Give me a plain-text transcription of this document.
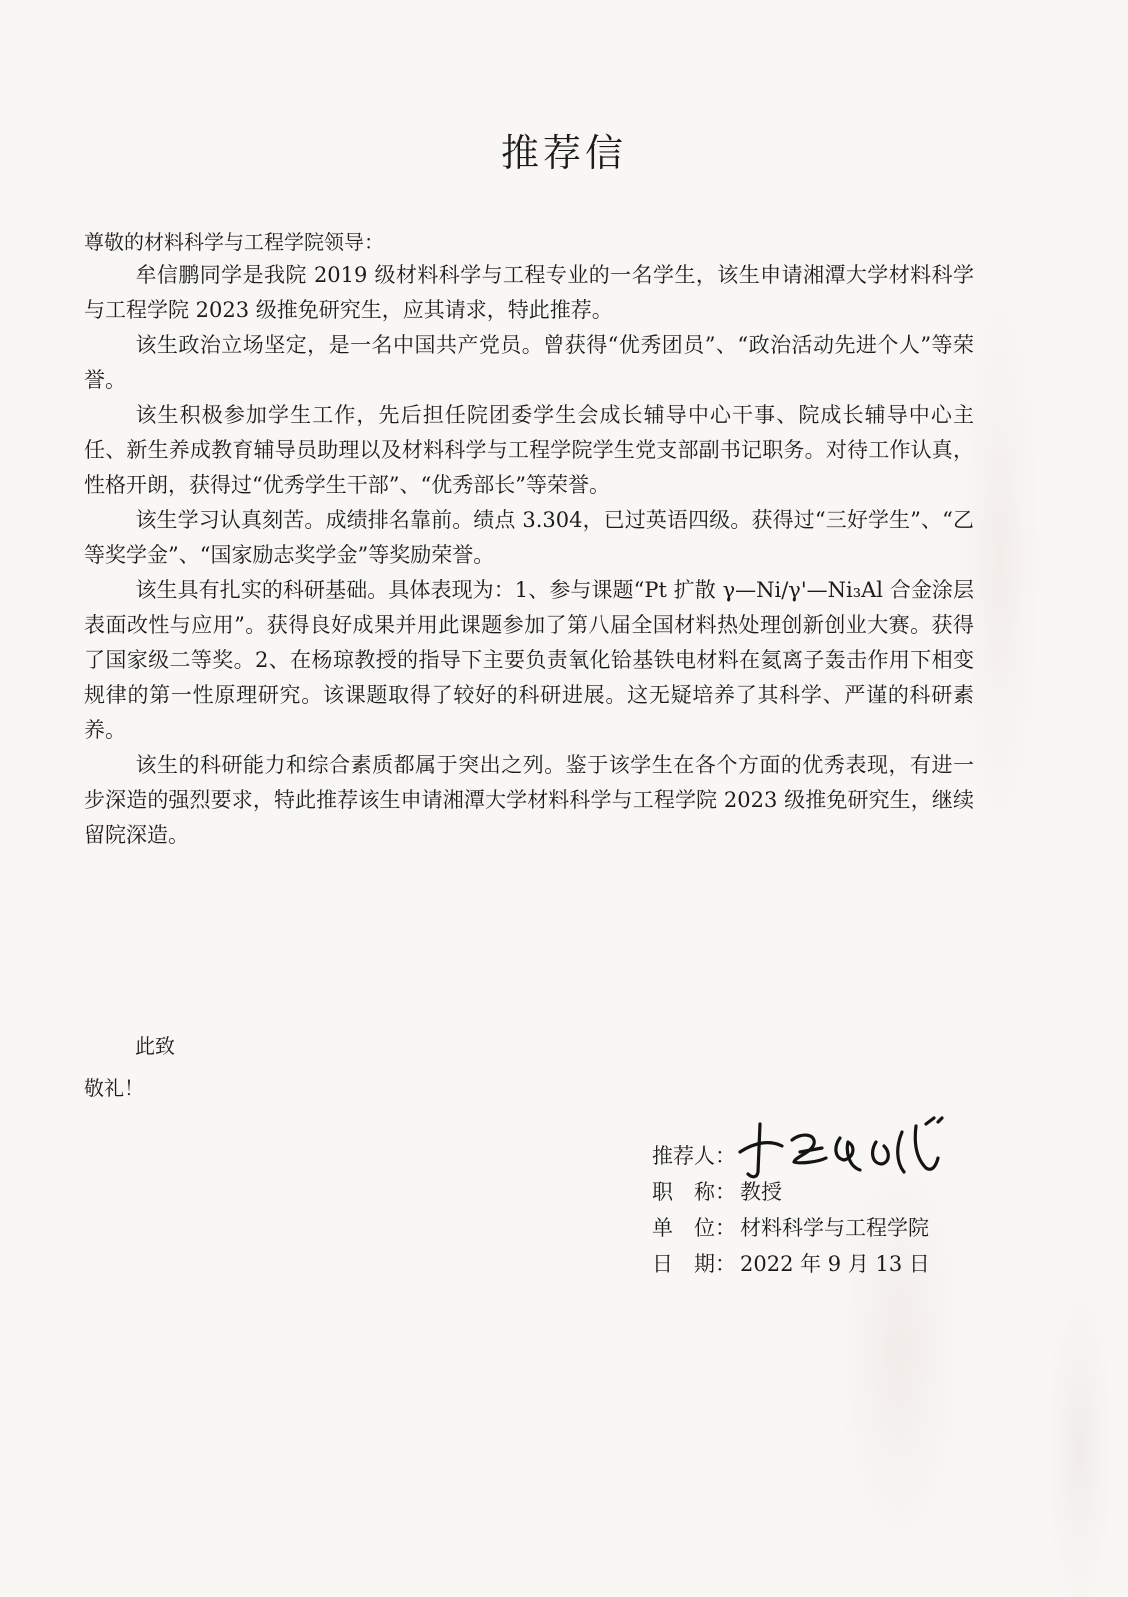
推荐信
尊敬的材料科学与工程学院领导：

牟信鹏同学是我院 2019 级材料科学与工程专业的一名学生，该生申请湘潭大学材料科学与工程学院 2023 级推免研究生，应其请求，特此推荐。

该生政治立场坚定，是一名中国共产党员。曾获得“优秀团员”、“政治活动先进个人”等荣誉。

该生积极参加学生工作，先后担任院团委学生会成长辅导中心干事、院成长辅导中心主任、新生养成教育辅导员助理以及材料科学与工程学院学生党支部副书记职务。对待工作认真，性格开朗，获得过“优秀学生干部”、“优秀部长”等荣誉。

该生学习认真刻苦。成绩排名靠前。绩点 3.304，已过英语四级。获得过“三好学生”、“乙等奖学金”、“国家励志奖学金”等奖励荣誉。

该生具有扎实的科研基础。具体表现为：1、参与课题“Pt 扩散 γ—Ni/γ'—Ni₃Al 合金涂层表面改性与应用”。获得良好成果并用此课题参加了第八届全国材料热处理创新创业大赛。获得了国家级二等奖。2、在杨琼教授的指导下主要负责氧化铪基铁电材料在氦离子轰击作用下相变规律的第一性原理研究。该课题取得了较好的科研进展。这无疑培养了其科学、严谨的科研素养。

该生的科研能力和综合素质都属于突出之列。鉴于该学生在各个方面的优秀表现，有进一步深造的强烈要求，特此推荐该生申请湘潭大学材料科学与工程学院 2023 级推免研究生，继续留院深造。

此致
敬礼！
推荐人 ：
职　称 ： 教授
单　位 ： 材料科学与工程学院
日　期 ： 2022 年 9 月 13 日
